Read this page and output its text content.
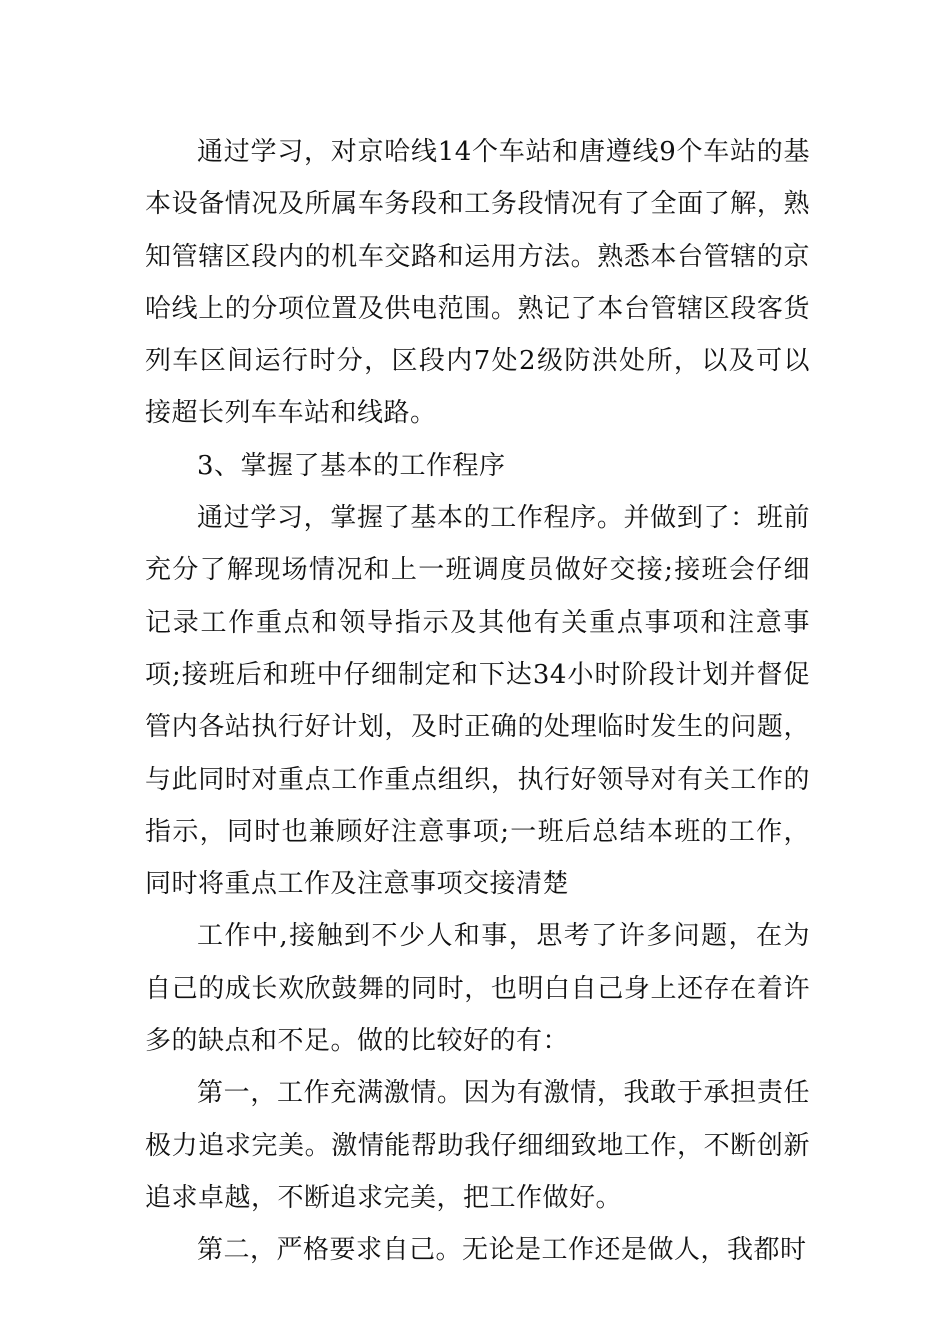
通过学习，对京哈线14个车站和唐遵线9个车站的基本设备情况及所属车务段和工务段情况有了全面了解，熟知管辖区段内的机车交路和运用方法。熟悉本台管辖的京哈线上的分项位置及供电范围。熟记了本台管辖区段客货列车区间运行时分，区段内7处2级防洪处所，以及可以接超长列车车站和线路。

3、掌握了基本的工作程序

通过学习，掌握了基本的工作程序。并做到了：班前充分了解现场情况和上一班调度员做好交接;接班会仔细记录工作重点和领导指示及其他有关重点事项和注意事项;接班后和班中仔细制定和下达34小时阶段计划并督促管内各站执行好计划，及时正确的处理临时发生的问题，与此同时对重点工作重点组织，执行好领导对有关工作的指示，同时也兼顾好注意事项;一班后总结本班的工作，同时将重点工作及注意事项交接清楚

工作中,接触到不少人和事，思考了许多问题，在为自己的成长欢欣鼓舞的同时，也明白自己身上还存在着许多的缺点和不足。做的比较好的有：

第一，工作充满激情。因为有激情，我敢于承担责任极力追求完美。激情能帮助我仔细细致地工作，不断创新追求卓越，不断追求完美，把工作做好。

第二，严格要求自己。无论是工作还是做人，我都时
